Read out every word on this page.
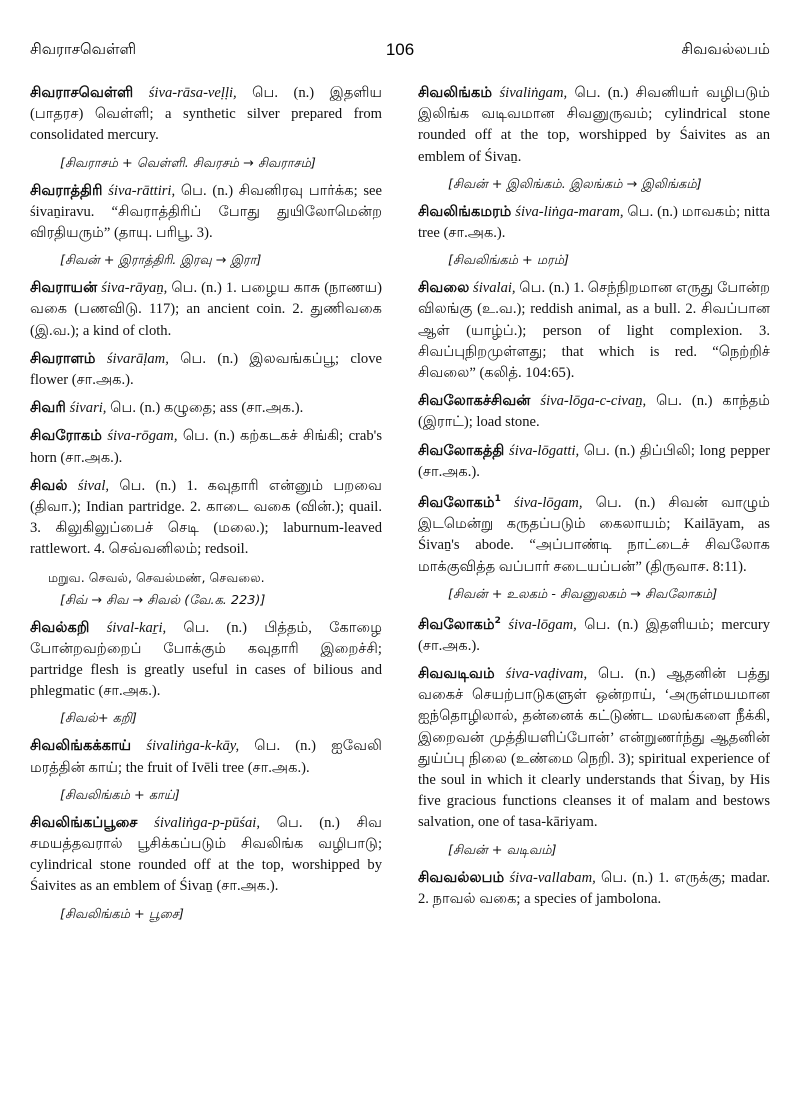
சிவராசவெள்ளி	106	சிவவல்லபம்

சிவராசவெள்ளி śiva-rāsa-veḷḷi, பெ. (n.) இதளிய (பாதரச) வெள்ளி; a synthetic silver prepared from consolidated mercury.

[சிவராசம் + வெள்ளி. சிவரசம் → சிவராசம்]

சிவராத்திரி śiva-rāttiri, பெ. (n.) சிவனிரவு பார்க்க; see śivaṉiravu. “சிவராத்திரிப் போது துயிலோமென்ற விரதியரும்” (தாயு. பரிபூ. 3).

[சிவன் + இராத்திரி. இரவு → இரா]

சிவராயன் śiva-rāyaṉ, பெ. (n.) 1. பழைய காசு (நாணய) வகை (பணவிடு. 117); an ancient coin. 2. துணிவகை (இ.வ.); a kind of cloth.

சிவராளம் śivarāḷam, பெ. (n.) இலவங்கப்பூ; clove flower (சா.அக.).

சிவரி śivari, பெ. (n.) கழுதை; ass (சா.அக.).

சிவரோகம் śiva-rōgam, பெ. (n.) கற்கடகச் சிங்கி; crab's horn (சா.அக.).

சிவல் śival, பெ. (n.) 1. கவுதாரி என்னும் பறவை (திவா.); Indian partridge. 2. காடை வகை (வின்.); quail. 3. கிலுகிலுப்பைச் செடி (மலை.); laburnum-leaved rattlewort. 4. செவ்வனிலம்; redsoil.

மறுவ. செவல், செவல்மண், செவலை.

[சிவ் → சிவ → சிவல் (வே.க. 223)]

சிவல்கறி śival-kaṟi, பெ. (n.) பித்தம், கோழை போன்றவற்றைப் போக்கும் கவுதாரி இறைச்சி; partridge flesh is greatly useful in cases of bilious and phlegmatic (சா.அக.).

[சிவல்+ கறி]

சிவலிங்கக்காய் śivaliṅga-k-kāy, பெ. (n.) ஐவேலி மரத்தின் காய்; the fruit of Ivēli tree (சா.அக.).

[சிவலிங்கம் + காய்]

சிவலிங்கப்பூசை śivaliṅga-p-pūśai, பெ. (n.) சிவ சமயத்தவரால் பூசிக்கப்படும் சிவலிங்க வழிபாடு; cylindrical stone rounded off at the top, worshipped by Śaivites as an emblem of Śivaṉ (சா.அக.).

[சிவலிங்கம் + பூசை]

சிவலிங்கம் śivaliṅgam, பெ. (n.) சிவனியர் வழிபடும் இலிங்க வடிவமான சிவனுருவம்; cylindrical stone rounded off at the top, worshipped by Śaivites as an emblem of Śivaṉ.

[சிவன் + இலிங்கம். இலங்கம் → இலிங்கம்]

சிவலிங்கமரம் śiva-liṅga-maram, பெ. (n.) மாவகம்; nitta tree (சா.அக.).

[சிவலிங்கம் + மரம்]

சிவலை śivalai, பெ. (n.) 1. செந்நிறமான எருது போன்ற விலங்கு (உ.வ.); reddish animal, as a bull. 2. சிவப்பான ஆள் (யாழ்ப்.); person of light complexion. 3. சிவப்புநிறமுள்ளது; that which is red. “நெற்றிச் சிவலை” (கலித். 104:65).

சிவலோகச்சிவன் śiva-lōga-c-civaṉ, பெ. (n.) காந்தம் (இராட்); load stone.

சிவலோகத்தி śiva-lōgatti, பெ. (n.) திப்பிலி; long pepper (சா.அக.).

சிவலோகம்$^1$ śiva-lōgam, பெ. (n.) சிவன் வாழும் இடமென்று கருதப்படும் கைலாயம்; Kailāyam, as Śivaṉ's abode. “அப்பாண்டி நாட்டைச் சிவலோக மாக்குவித்த வப்பார் சடையப்பன்” (திருவாச. 8:11).

[சிவன் + உலகம் - சிவனுலகம் → சிவலோகம்]

சிவலோகம்$^2$ śiva-lōgam, பெ. (n.) இதளியம்; mercury (சா.அக.).

சிவவடிவம் śiva-vaḍivam, பெ. (n.) ஆதனின் பத்து வகைச் செயற்பாடுகளுள் ஒன்றாய், ‘அருள்மயமான ஐந்தொழிலால், தன்னைக் கட்டுண்ட மலங்களை நீக்கி, இறைவன் முத்தியளிப்போன்’ என்றுணர்ந்து ஆதனின் துய்ப்பு நிலை (உண்மை நெறி. 3); spiritual experience of the soul in which it clearly understands that Śivaṉ, by His five gracious functions cleanses it of malam and bestows salvation, one of tasa-kāriyam.

[சிவன் + வடிவம்]

சிவவல்லபம் śiva-vallabam, பெ. (n.) 1. எருக்கு; madar. 2. நாவல் வகை; a species of jambolona.
